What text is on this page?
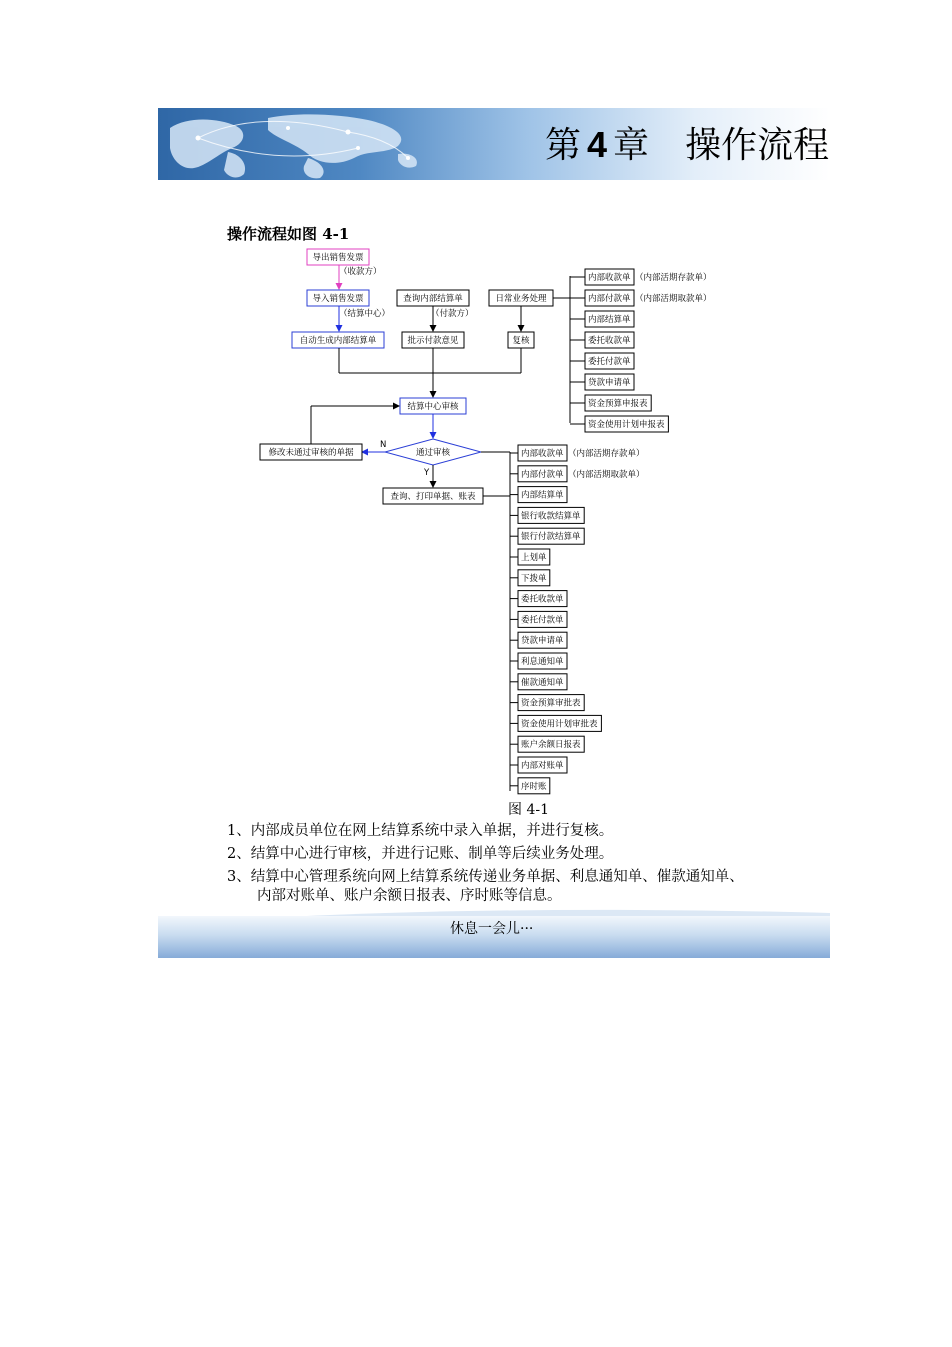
第 4 章 操作流程
操作流程如图 4-1
导出销售发票
（收款方）
导入销售发票
（结算中心）
自动生成内部结算单
查询内部结算单
（付款方）
批示付款意见
日常业务处理
复核
结算中心审核
通过审核
N
修改未通过审核的单据
Y
查询、打印单据、账表
内部收款单 （内部活期存款单）
内部付款单 （内部活期取款单）
内部结算单
委托收款单
委托付款单
贷款申请单
资金预算申报表
资金使用计划申报表
内部收款单 （内部活期存款单）
内部付款单 （内部活期取款单）
内部结算单
银行收款结算单
银行付款结算单
上划单
下拨单
委托收款单
委托付款单
贷款申请单
利息通知单
催款通知单
资金预算审批表
资金使用计划审批表
账户余额日报表
内部对账单
序时账
图 4-1
1、内部成员单位在网上结算系统中录入单据，并进行复核。
2、结算中心进行审核，并进行记账、制单等后续业务处理。
3、结算中心管理系统向网上结算系统传递业务单据、利息通知单、催款通知单、
内部对账单、账户余额日报表、序时账等信息。
休息一会儿···
